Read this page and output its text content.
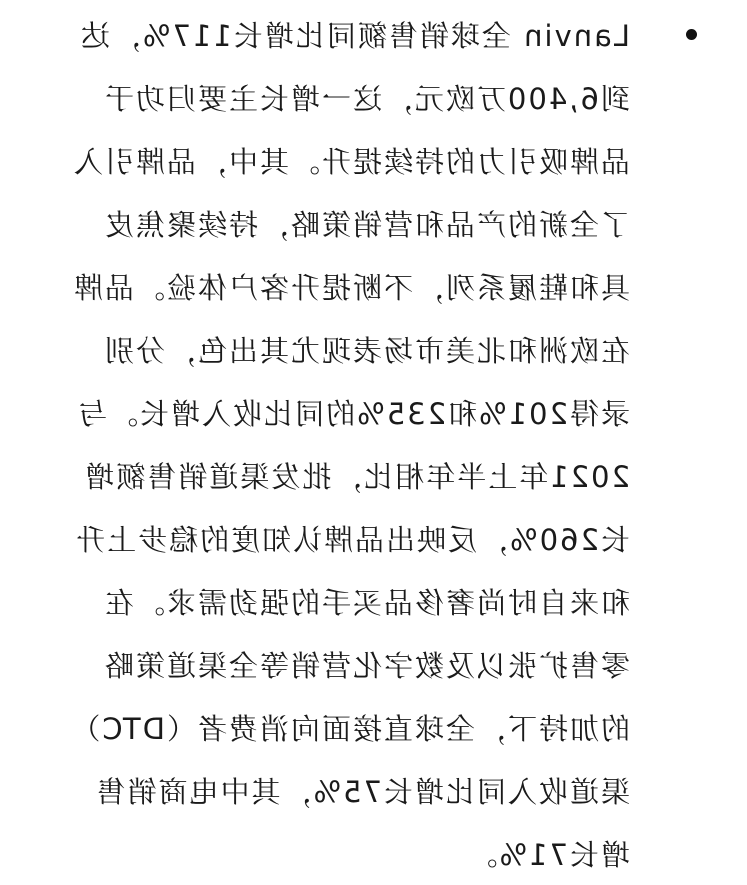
Lanvin 全球销售额同比增长117%，达
到6,400万欧元，这一增长主要归功于
品牌吸引力的持续提升。其中，品牌引入
了全新的产品和营销策略，持续聚焦皮
具和鞋履系列，不断提升客户体验。品牌
在欧洲和北美市场表现尤其出色，分别
录得201%和235%的同比收入增长。与
2021年上半年相比，批发渠道销售额增
长260%，反映出品牌认知度的稳步上升
和来自时尚奢侈品买手的强劲需求。在
零售扩张以及数字化营销等全渠道策略
的加持下，全球直接面向消费者（DTC）
渠道收入同比增长75%，其中电商销售
增长71%。
